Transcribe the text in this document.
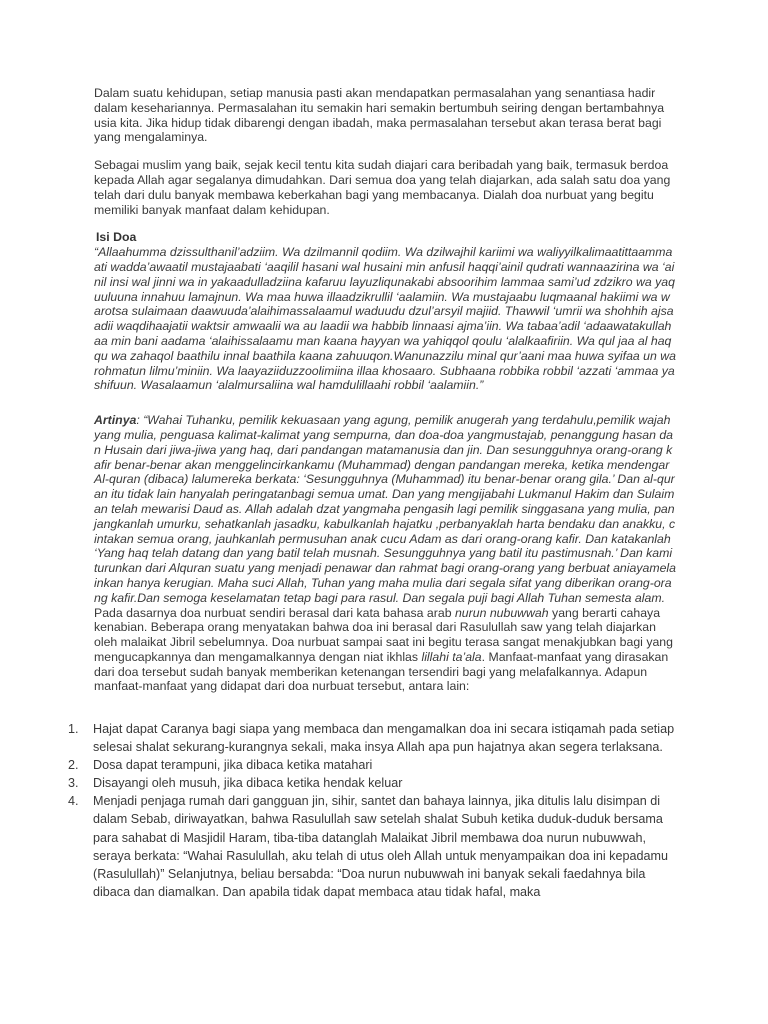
Dalam suatu kehidupan, setiap manusia pasti akan mendapatkan permasalahan yang senantiasa hadir dalam kesehariannya. Permasalahan itu semakin hari semakin bertumbuh seiring dengan bertambahnya usia kita. Jika hidup tidak dibarengi dengan ibadah, maka permasalahan tersebut akan terasa berat bagi yang mengalaminya.

Sebagai muslim yang baik, sejak kecil tentu kita sudah diajari cara beribadah yang baik, termasuk berdoa kepada Allah agar segalanya dimudahkan. Dari semua doa yang telah diajarkan, ada salah satu doa yang telah dari dulu banyak membawa keberkahan bagi yang membacanya. Dialah doa nurbuat yang begitu memiliki banyak manfaat dalam kehidupan.

Isi Doa

“Allaahumma dzissulthanil’adziim. Wa dzilmannil qodiim. Wa dzilwajhil kariimi wa waliyyilkalimaatittaammaati wadda’awaatil mustajaabati ‘aaqilil hasani wal husaini min anfusil haqqi’ainil qudrati wannaazirina wa ‘ainil insi wal jinni wa in yakaadulladziina kafaruu layuzliqunakabi absoorihim lammaa sami’ud zdzikro wa yaquuluuna innahuu lamajnun. Wa maa huwa illaadzikrullil ‘aalamiin. Wa mustajaabu luqmaanal hakiimi wa warotsa sulaimaan daawuuda’alaihimassalaamul waduudu dzul’arsyil majiid. Thawwil ‘umrii wa shohhih ajsaadii waqdihaajatii waktsir amwaalii wa au laadii wa habbib linnaasi ajma’iin. Wa tabaa’adil ‘adaawatakullahaa min bani aadama ‘alaihissalaamu man kaana hayyan wa yahiqqol qoulu ‘alalkaafiriin. Wa qul jaa al haqqu wa zahaqol baathilu innal baathila kaana zahuuqon.Wanunazzilu minal qur’aani maa huwa syifaa un wa rohmatun lilmu’miniin. Wa laayaziiduzzoolimiina illaa khosaaro. Subhaana robbika robbil ‘azzati ‘ammaa yashifuun. Wasalaamun ‘alalmursaliina wal hamdulillaahi robbil ‘aalamiin.”

Artinya: “Wahai Tuhanku, pemilik kekuasaan yang agung, pemilik anugerah yang terdahulu,pemilik wajah yang mulia, penguasa kalimat-kalimat yang sempurna, dan doa-doa yangmustajab, penanggung hasan dan Husain dari jiwa-jiwa yang haq, dari pandangan matamanusia dan jin. Dan sesungguhnya orang-orang kafir benar-benar akan menggelincirkankamu (Muhammad) dengan pandangan mereka, ketika mendengar Al-quran (dibaca) lalumereka berkata: ‘Sesungguhnya (Muhammad) itu benar-benar orang gila.’ Dan al-quran itu tidak lain hanyalah peringatanbagi semua umat. Dan yang mengijabahi Lukmanul Hakim dan Sulaiman telah mewarisi Daud as. Allah adalah dzat yangmaha pengasih lagi pemilik singgasana yang mulia, panjangkanlah umurku, sehatkanlah jasadku, kabulkanlah hajatku ,perbanyaklah harta bendaku dan anakku, cintakan semua orang, jauhkanlah permusuhan anak cucu Adam as dari orang-orang kafir. Dan katakanlah ‘Yang haq telah datang dan yang batil telah musnah. Sesungguhnya yang batil itu pastimusnah.’ Dan kami turunkan dari Alquran suatu yang menjadi penawar dan rahmat bagi orang-orang yang berbuat aniayamelainkan hanya kerugian. Maha suci Allah, Tuhan yang maha mulia dari segala sifat yang diberikan orang-orang kafir.Dan semoga keselamatan tetap bagi para rasul. Dan segala puji bagi Allah Tuhan semesta alam.

Pada dasarnya doa nurbuat sendiri berasal dari kata bahasa arab nurun nubuwwah yang berarti cahaya kenabian. Beberapa orang menyatakan bahwa doa ini berasal dari Rasulullah saw yang telah diajarkan oleh malaikat Jibril sebelumnya. Doa nurbuat sampai saat ini begitu terasa sangat menakjubkan bagi yang mengucapkannya dan mengamalkannya dengan niat ikhlas lillahi ta’ala. Manfaat-manfaat yang dirasakan dari doa tersebut sudah banyak memberikan ketenangan tersendiri bagi yang melafalkannya. Adapun manfaat-manfaat yang didapat dari doa nurbuat tersebut, antara lain:

1. Hajat dapat Caranya bagi siapa yang membaca dan mengamalkan doa ini secara istiqamah pada setiap selesai shalat sekurang-kurangnya sekali, maka insya Allah apa pun hajatnya akan segera terlaksana.
2. Dosa dapat terampuni, jika dibaca ketika matahari
3. Disayangi oleh musuh, jika dibaca ketika hendak keluar
4. Menjadi penjaga rumah dari gangguan jin, sihir, santet dan bahaya lainnya, jika ditulis lalu disimpan di dalam Sebab, diriwayatkan, bahwa Rasulullah saw setelah shalat Subuh ketika duduk-duduk bersama para sahabat di Masjidil Haram, tiba-tiba datanglah Malaikat Jibril membawa doa nurun nubuwwah, seraya berkata: “Wahai Rasulullah, aku telah di utus oleh Allah untuk menyampaikan doa ini kepadamu (Rasulullah)” Selanjutnya, beliau bersabda: “Doa nurun nubuwwah ini banyak sekali faedahnya bila dibaca dan diamalkan. Dan apabila tidak dapat membaca atau tidak hafal, maka
